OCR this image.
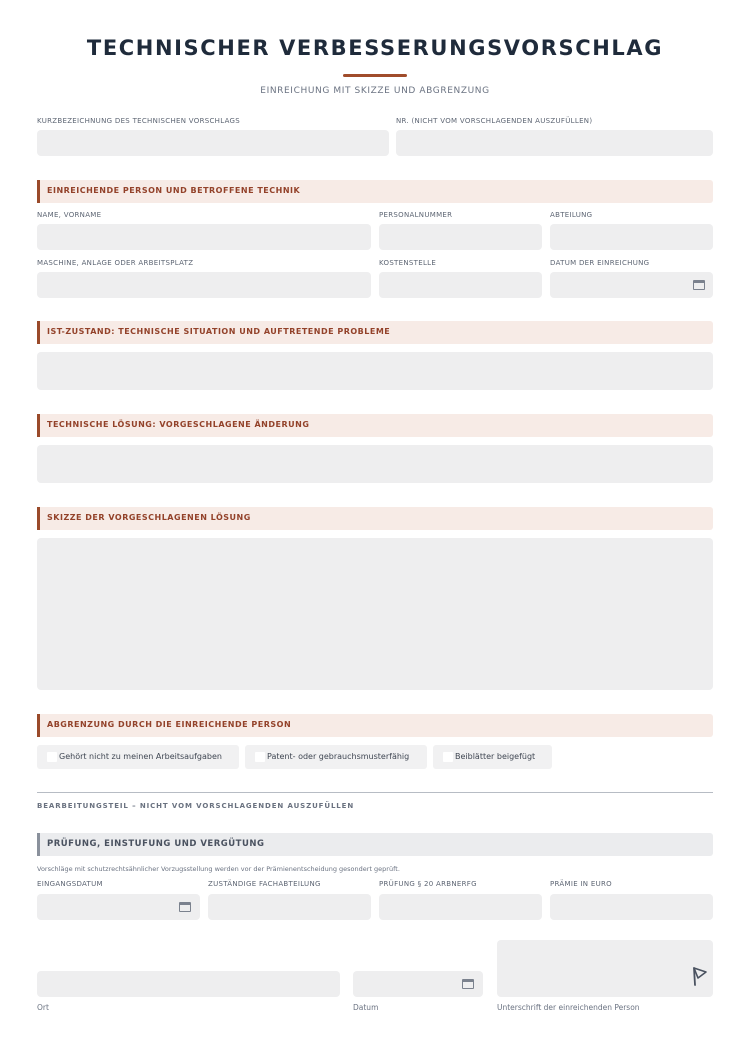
TECHNISCHER VERBESSERUNGSVORSCHLAG
EINREICHUNG MIT SKIZZE UND ABGRENZUNG
KURZBEZEICHNUNG DES TECHNISCHEN VORSCHLAGS	NR. (NICHT VOM VORSCHLAGENDEN AUSZUFÜLLEN)
EINREICHENDE PERSON UND BETROFFENE TECHNIK
NAME, VORNAME	PERSONALNUMMER	ABTEILUNG
MASCHINE, ANLAGE ODER ARBEITSPLATZ	KOSTENSTELLE	DATUM DER EINREICHUNG
IST-ZUSTAND: TECHNISCHE SITUATION UND AUFTRETENDE PROBLEME
TECHNISCHE LÖSUNG: VORGESCHLAGENE ÄNDERUNG
SKIZZE DER VORGESCHLAGENEN LÖSUNG
ABGRENZUNG DURCH DIE EINREICHENDE PERSON
Gehört nicht zu meinen Arbeitsaufgaben	Patent- oder gebrauchsmusterfähig	Beiblätter beigefügt
BEARBEITUNGSTEIL – NICHT VOM VORSCHLAGENDEN AUSZUFÜLLEN
PRÜFUNG, EINSTUFUNG UND VERGÜTUNG
Vorschläge mit schutzrechtsähnlicher Vorzugsstellung werden vor der Prämienentscheidung gesondert geprüft.
EINGANGSDATUM	ZUSTÄNDIGE FACHABTEILUNG	PRÜFUNG § 20 ARBNERFG	PRÄMIE IN EURO
Ort	Datum	Unterschrift der einreichenden Person
